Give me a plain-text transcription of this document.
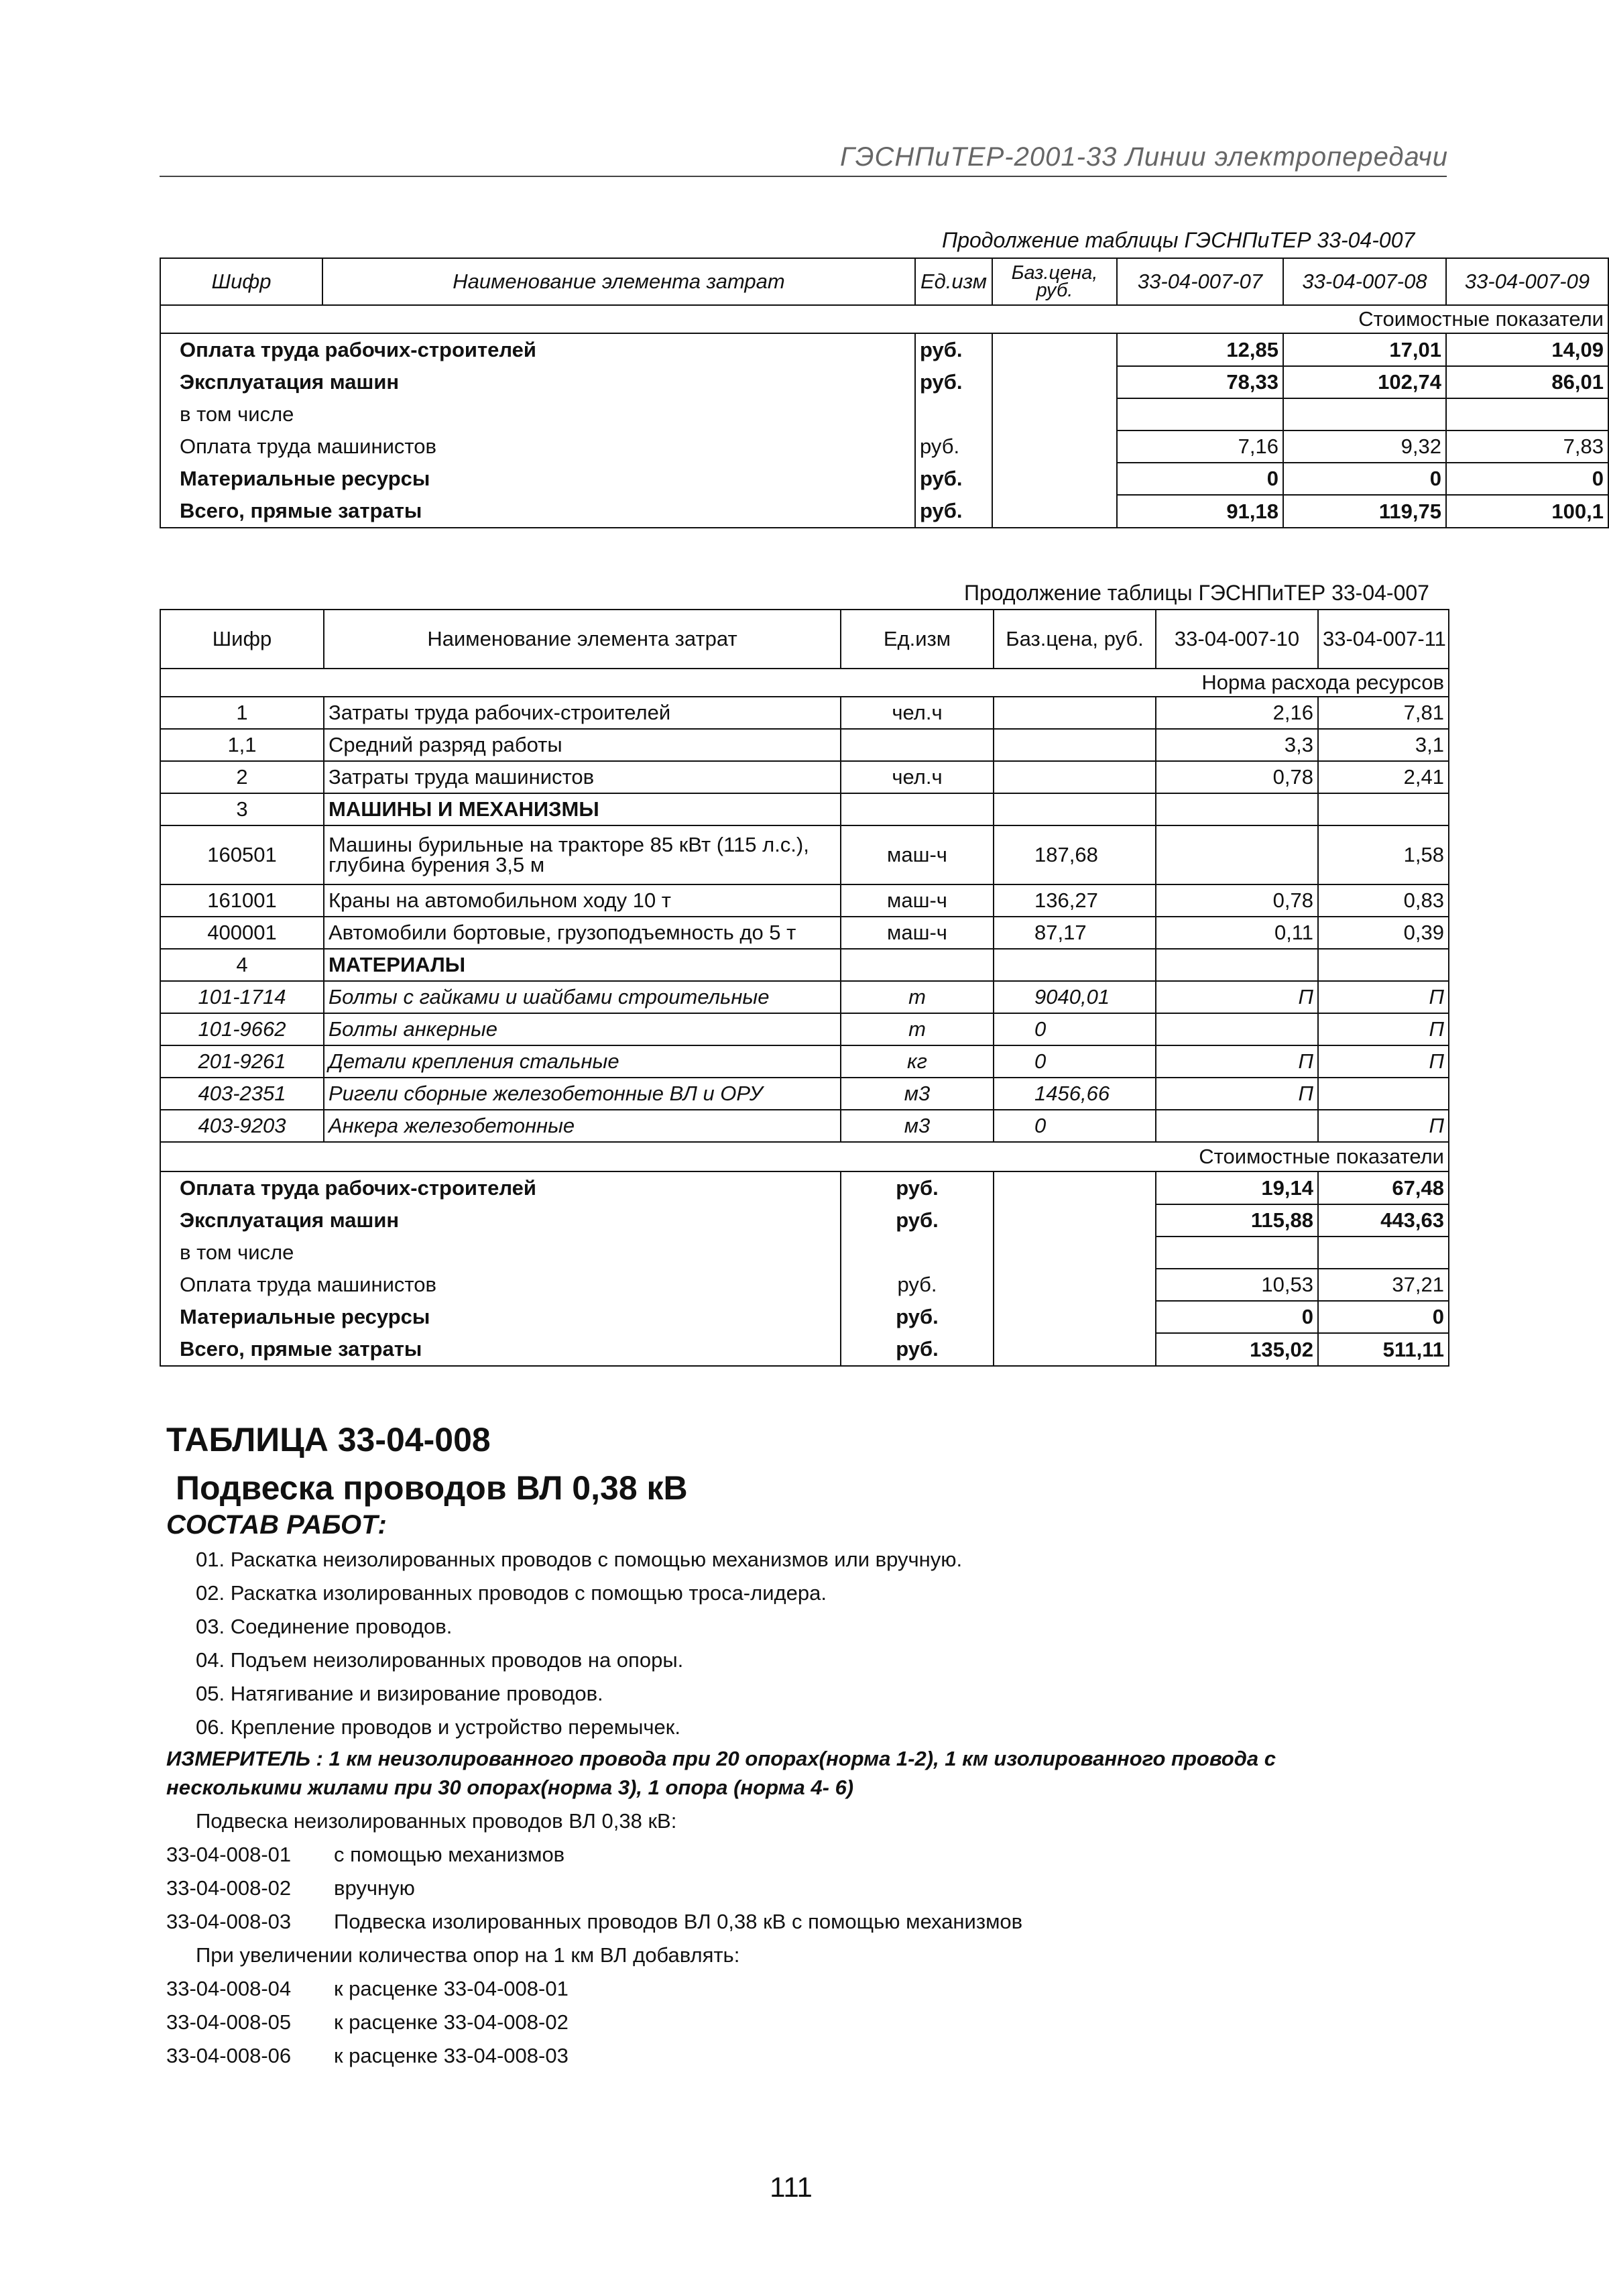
ГЭСНПиТЕР-2001-33 Линии электропередачи
Продолжение таблицы ГЭСНПиТЕР 33-04-007
Шифр	Наименование элемента затрат	Ед.изм	Баз.цена, руб.	33-04-007-07	33-04-007-08	33-04-007-09
Стоимостные показатели						
Оплата труда рабочих-строителей		руб.		12,85	17,01	14,09
Эксплуатация машин		руб.		78,33	102,74	86,01
в том числе						
Оплата труда машинистов		руб.		7,16	9,32	7,83
Материальные ресурсы		руб.		0	0	0
Всего, прямые затраты		руб.		91,18	119,75	100,1
Продолжение таблицы ГЭСНПиТЕР 33-04-007
Шифр	Наименование элемента затрат	Ед.изм	Баз.цена, руб.	33-04-007-10	33-04-007-11
Норма расхода ресурсов					
1	Затраты труда рабочих-строителей	чел.ч		2,16	7,81
1,1	Средний разряд работы			3,3	3,1
2	Затраты труда машинистов	чел.ч		0,78	2,41
3	МАШИНЫ И МЕХАНИЗМЫ				
160501	Машины бурильные на тракторе 85 кВт (115 л.с.), глубина бурения 3,5 м	маш-ч	187,68		1,58
161001	Краны на автомобильном ходу 10 т	маш-ч	136,27	0,78	0,83
400001	Автомобили бортовые, грузоподъемность до 5 т	маш-ч	87,17	0,11	0,39
4	МАТЕРИАЛЫ				
101-1714	Болты с гайками и шайбами строительные	т	9040,01	П	П
101-9662	Болты анкерные	т	0		П
201-9261	Детали крепления стальные	кг	0	П	П
403-2351	Ригели сборные железобетонные ВЛ и ОРУ	м3	1456,66	П	
403-9203	Анкера железобетонные	м3	0		П
Стоимостные показатели					
Оплата труда рабочих-строителей		руб.		19,14	67,48
Эксплуатация машин		руб.		115,88	443,63
в том числе					
Оплата труда машинистов		руб.		10,53	37,21
Материальные ресурсы		руб.		0	0
Всего, прямые затраты		руб.		135,02	511,11
ТАБЛИЦА 33-04-008
Подвеска проводов ВЛ 0,38 кВ
СОСТАВ РАБОТ:
01. Раскатка неизолированных проводов с помощью механизмов или вручную.
02. Раскатка изолированных проводов с помощью троса-лидера.
03. Соединение проводов.
04. Подъем неизолированных проводов на опоры.
05. Натягивание и визирование проводов.
06. Крепление проводов и устройство перемычек.
ИЗМЕРИТЕЛЬ : 1 км неизолированного провода при 20 опорах(норма 1-2), 1 км изолированного провода с
несколькими жилами при 30 опорах(норма 3), 1 опора (норма 4- 6)
Подвеска неизолированных проводов ВЛ 0,38 кВ:
33-04-008-01 с помощью механизмов
33-04-008-02 вручную
33-04-008-03 Подвеска изолированных проводов ВЛ 0,38 кВ с помощью механизмов
При увеличении количества опор на 1 км ВЛ добавлять:
33-04-008-04 к расценке 33-04-008-01
33-04-008-05 к расценке 33-04-008-02
33-04-008-06 к расценке 33-04-008-03
111
